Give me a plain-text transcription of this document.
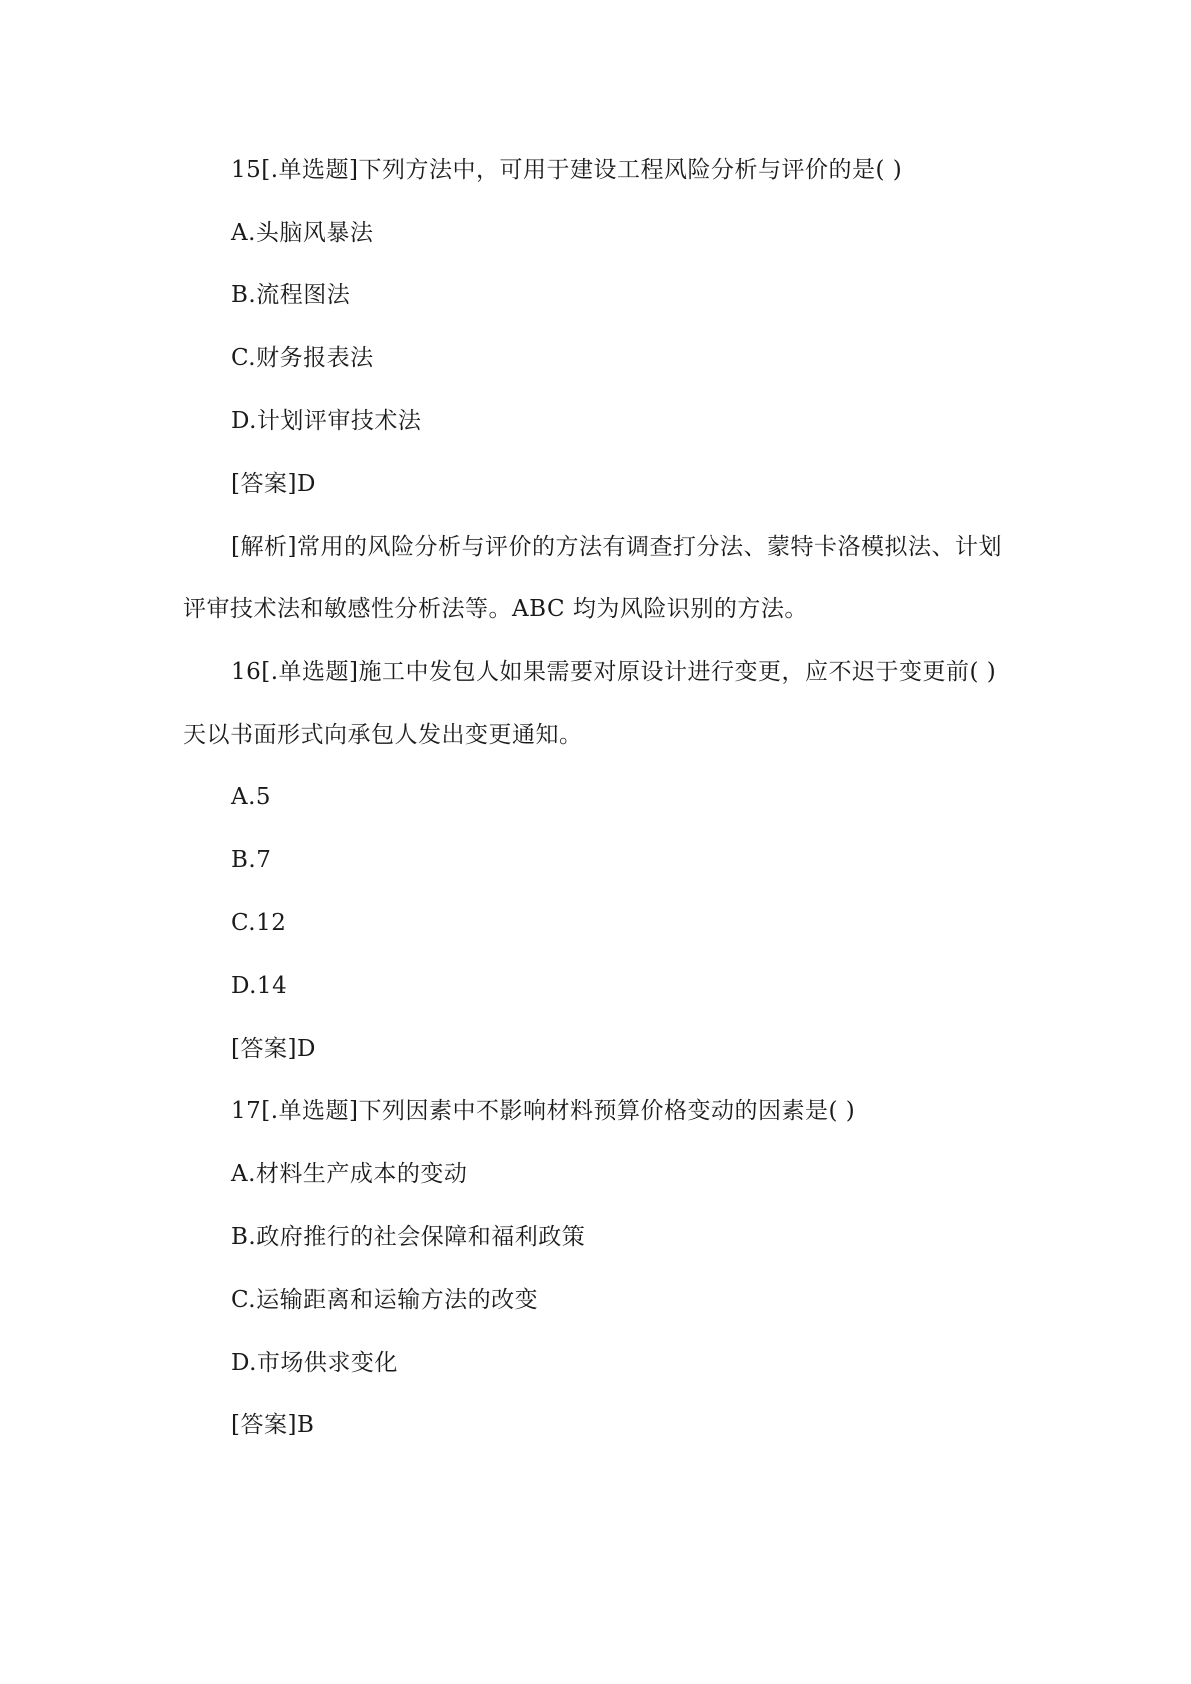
15[.单选题]下列方法中，可用于建设工程风险分析与评价的是( )
A.头脑风暴法
B.流程图法
C.财务报表法
D.计划评审技术法
[答案]D
[解析]常用的风险分析与评价的方法有调查打分法、蒙特卡洛模拟法、计划
评审技术法和敏感性分析法等。ABC 均为风险识别的方法。
16[.单选题]施工中发包人如果需要对原设计进行变更，应不迟于变更前( )
天以书面形式向承包人发出变更通知。
A.5
B.7
C.12
D.14
[答案]D
17[.单选题]下列因素中不影响材料预算价格变动的因素是( )
A.材料生产成本的变动
B.政府推行的社会保障和福利政策
C.运输距离和运输方法的改变
D.市场供求变化
[答案]B
